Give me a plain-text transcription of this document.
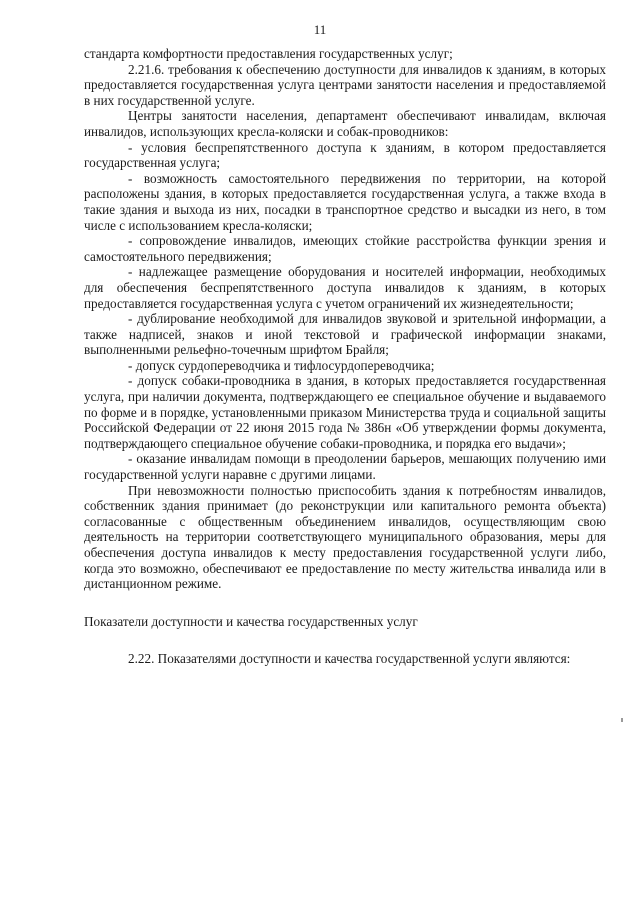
11

стандарта комфортности предоставления государственных услуг;

2.21.6. требования к обеспечению доступности для инвалидов к зданиям, в которых предоставляется государственная услуга центрами занятости населения и предоставляемой в них государственной услуге.

Центры занятости населения, департамент обеспечивают инвалидам, включая инвалидов, использующих кресла-коляски и собак-проводников:

- условия беспрепятственного доступа к зданиям, в котором предоставляется государственная услуга;

- возможность самостоятельного передвижения по территории, на которой расположены здания, в которых предоставляется государственная услуга, а также входа в такие здания и выхода из них, посадки в транспортное средство и высадки из него, в том числе с использованием кресла-коляски;

- сопровождение инвалидов, имеющих стойкие расстройства функции зрения и самостоятельного передвижения;

- надлежащее размещение оборудования и носителей информации, необходимых для обеспечения беспрепятственного доступа инвалидов к зданиям, в которых предоставляется государственная услуга с учетом ограничений их жизнедеятельности;

- дублирование необходимой для инвалидов звуковой и зрительной информации, а также надписей, знаков и иной текстовой и графической информации знаками, выполненными рельефно-точечным шрифтом Брайля;

- допуск сурдопереводчика и тифлосурдопереводчика;

- допуск собаки-проводника в здания, в которых предоставляется государственная услуга, при наличии документа, подтверждающего ее специальное обучение и выдаваемого по форме и в порядке, установленными приказом Министерства труда и социальной защиты Российской Федерации от 22 июня 2015 года № 386н «Об утверждении формы документа, подтверждающего специальное обучение собаки-проводника, и порядка его выдачи»;

- оказание инвалидам помощи в преодолении барьеров, мешающих получению ими государственной услуги наравне с другими лицами.

При невозможности полностью приспособить здания к потребностям инвалидов, собственник здания принимает (до реконструкции или капитального ремонта объекта) согласованные с общественным объединением инвалидов, осуществляющим свою деятельность на территории соответствующего муниципального образования, меры для обеспечения доступа инвалидов к месту предоставления государственной услуги либо, когда это возможно, обеспечивают ее предоставление по месту жительства инвалида или в дистанционном режиме.

Показатели доступности и качества государственных услуг

2.22. Показателями доступности и качества государственной услуги являются:
